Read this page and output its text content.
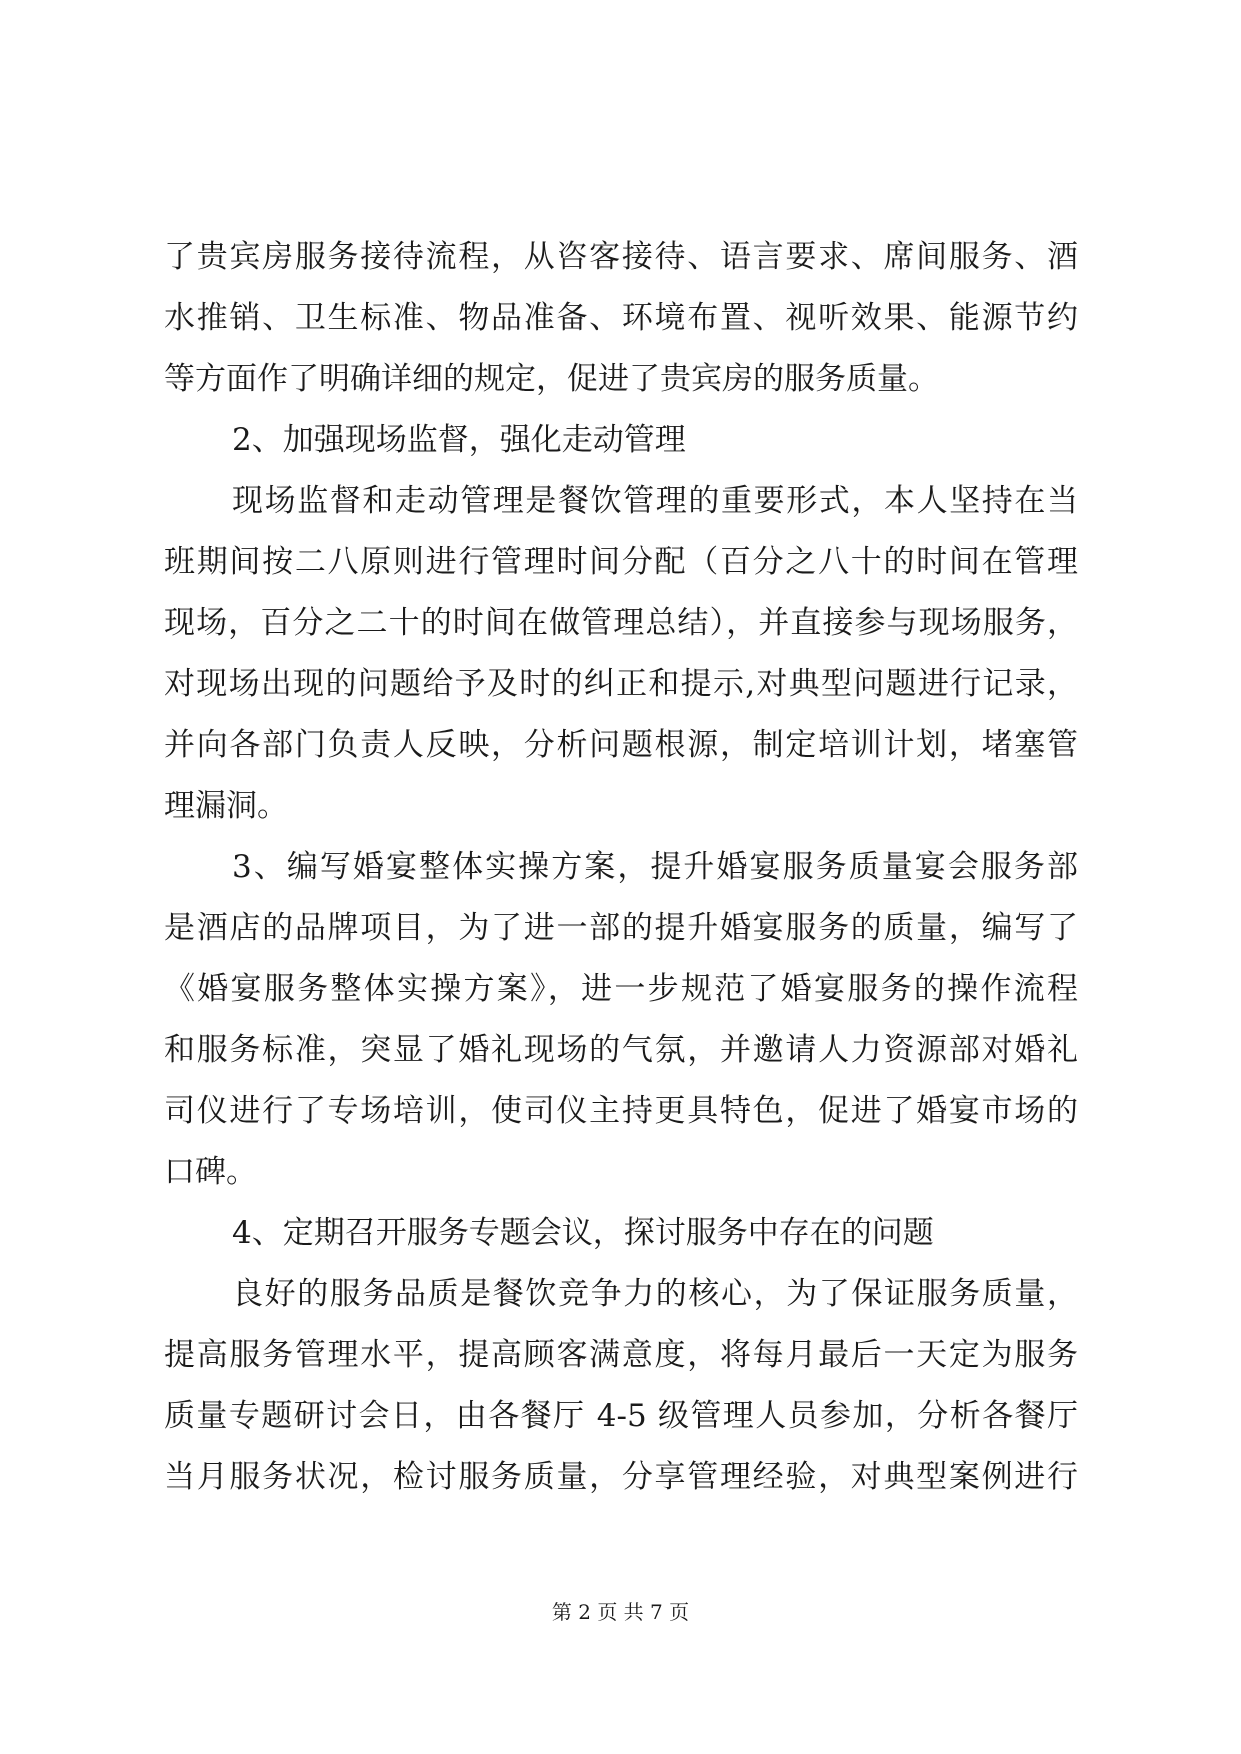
了贵宾房服务接待流程，从咨客接待、语言要求、席间服务、酒
水推销、卫生标准、物品准备、环境布置、视听效果、能源节约
等方面作了明确详细的规定，促进了贵宾房的服务质量。
2、加强现场监督，强化走动管理
现场监督和走动管理是餐饮管理的重要形式，本人坚持在当
班期间按二八原则进行管理时间分配（百分之八十的时间在管理
现场，百分之二十的时间在做管理总结），并直接参与现场服务，
对现场出现的问题给予及时的纠正和提示,对典型问题进行记录，
并向各部门负责人反映，分析问题根源，制定培训计划，堵塞管
理漏洞。
3、编写婚宴整体实操方案，提升婚宴服务质量宴会服务部
是酒店的品牌项目，为了进一部的提升婚宴服务的质量，编写了
《婚宴服务整体实操方案》，进一步规范了婚宴服务的操作流程
和服务标准，突显了婚礼现场的气氛，并邀请人力资源部对婚礼
司仪进行了专场培训，使司仪主持更具特色，促进了婚宴市场的
口碑。
4、定期召开服务专题会议，探讨服务中存在的问题
良好的服务品质是餐饮竞争力的核心，为了保证服务质量，
提高服务管理水平，提高顾客满意度，将每月最后一天定为服务
质量专题研讨会日，由各餐厅 4-5 级管理人员参加，分析各餐厅
当月服务状况，检讨服务质量，分享管理经验，对典型案例进行
第 2 页 共 7 页
